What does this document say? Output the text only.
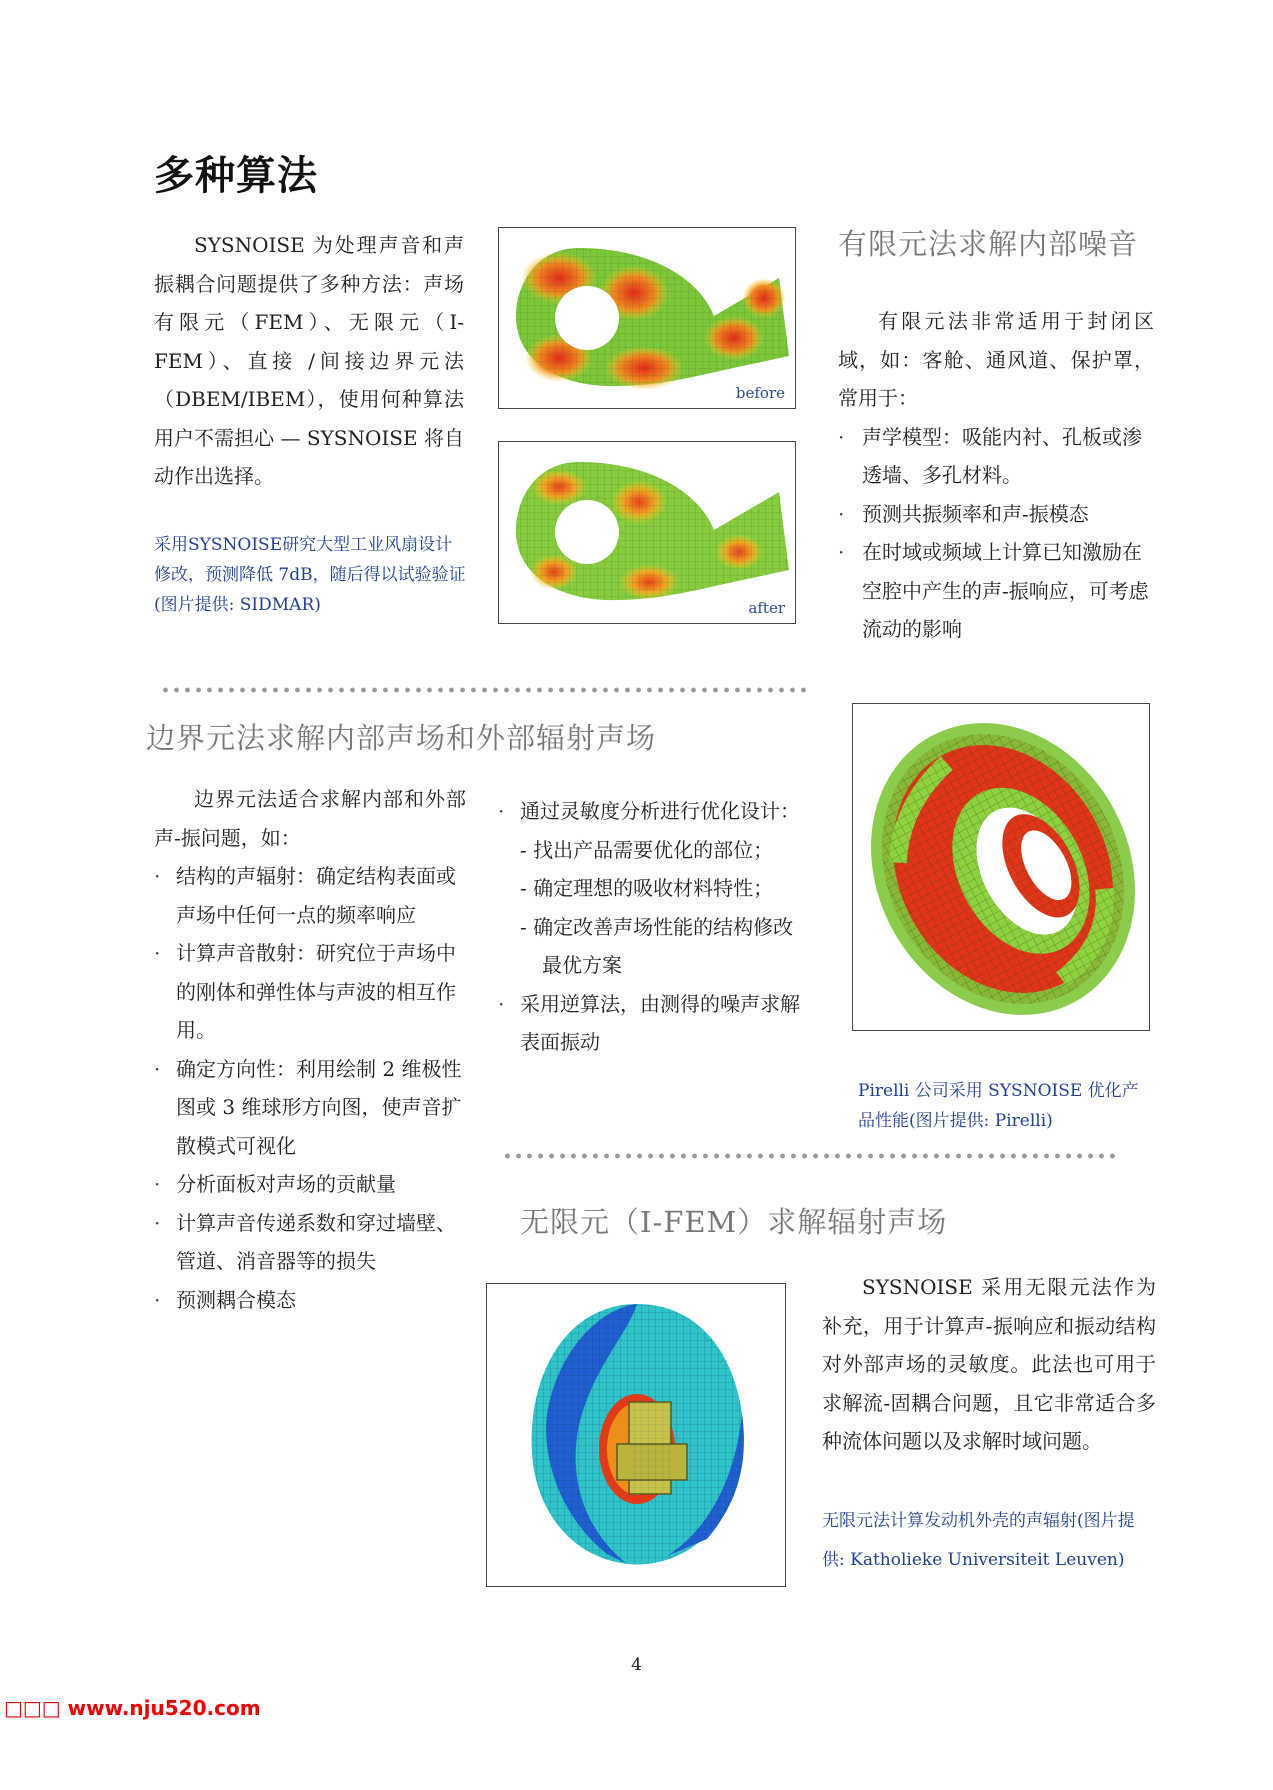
多种算法

SYSNOISE 为处理声音和声振耦合问题提供了多种方法：声场有限元（FEM）、无限元（I-FEM）、直接 /间接边界元法（DBEM/IBEM），使用何种算法用户不需担心 — SYSNOISE 将自动作出选择。

采用SYSNOISE研究大型工业风扇设计修改，预测降低 7dB，随后得以试验验证(图片提供: SIDMAR)
before
after
有限元法求解内部噪音

有限元法非常适用于封闭区域，如：客舱、通风道、保护罩，常用于：

· 声学模型：吸能内衬、孔板或渗透墙、多孔材料。
· 预测共振频率和声-振模态
· 在时域或频域上计算已知激励在空腔中产生的声-振响应，可考虑流动的影响
边界元法求解内部声场和外部辐射声场

边界元法适合求解内部和外部声-振问题，如：

· 结构的声辐射：确定结构表面或声场中任何一点的频率响应
· 计算声音散射：研究位于声场中的刚体和弹性体与声波的相互作用。
· 确定方向性：利用绘制 2 维极性图或 3 维球形方向图，使声音扩散模式可视化
· 分析面板对声场的贡献量
· 计算声音传递系数和穿过墙壁、管道、消音器等的损失
· 预测耦合模态
· 通过灵敏度分析进行优化设计：
- 找出产品需要优化的部位；
- 确定理想的吸收材料特性；
- 确定改善声场性能的结构修改最优方案
· 采用逆算法，由测得的噪声求解表面振动
Pirelli 公司采用 SYSNOISE 优化产品性能(图片提供: Pirelli)
无限元（I-FEM）求解辐射声场

SYSNOISE 采用无限元法作为补充，用于计算声-振响应和振动结构对外部声场的灵敏度。此法也可用于求解流-固耦合问题，且它非常适合多种流体问题以及求解时域问题。

无限元法计算发动机外壳的声辐射(图片提供: Katholieke Universiteit Leuven)
4
□□□ www.nju520.com
